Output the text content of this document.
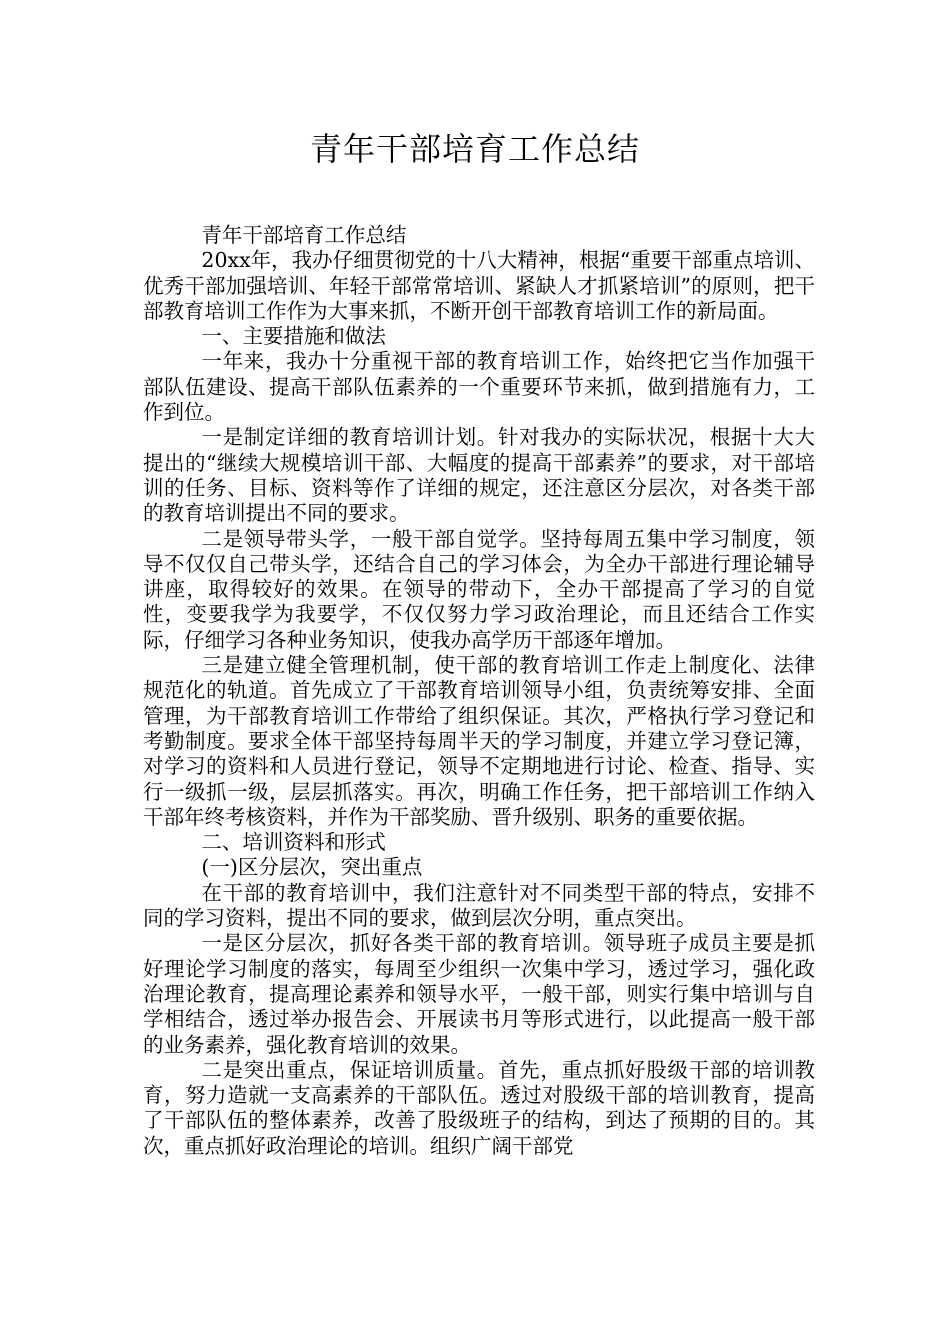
青年干部培育工作总结

青年干部培育工作总结

20xx年，我办仔细贯彻党的十八大精神，根据“重要干部重点培训、优秀干部加强培训、年轻干部常常培训、紧缺人才抓紧培训”的原则，把干部教育培训工作作为大事来抓，不断开创干部教育培训工作的新局面。

一、主要措施和做法

一年来，我办十分重视干部的教育培训工作，始终把它当作加强干部队伍建设、提高干部队伍素养的一个重要环节来抓，做到措施有力，工作到位。

一是制定详细的教育培训计划。针对我办的实际状况，根据十大大提出的“继续大规模培训干部、大幅度的提高干部素养”的要求，对干部培训的任务、目标、资料等作了详细的规定，还注意区分层次，对各类干部的教育培训提出不同的要求。

二是领导带头学，一般干部自觉学。坚持每周五集中学习制度，领导不仅仅自己带头学，还结合自己的学习体会，为全办干部进行理论辅导讲座，取得较好的效果。在领导的带动下，全办干部提高了学习的自觉性，变要我学为我要学，不仅仅努力学习政治理论，而且还结合工作实际，仔细学习各种业务知识，使我办高学历干部逐年增加。

三是建立健全管理机制，使干部的教育培训工作走上制度化、法律规范化的轨道。首先成立了干部教育培训领导小组，负责统筹安排、全面管理，为干部教育培训工作带给了组织保证。其次，严格执行学习登记和考勤制度。要求全体干部坚持每周半天的学习制度，并建立学习登记簿，对学习的资料和人员进行登记，领导不定期地进行讨论、检查、指导、实行一级抓一级，层层抓落实。再次，明确工作任务，把干部培训工作纳入干部年终考核资料，并作为干部奖励、晋升级别、职务的重要依据。

二、培训资料和形式

(一)区分层次，突出重点

在干部的教育培训中，我们注意针对不同类型干部的特点，安排不同的学习资料，提出不同的要求，做到层次分明，重点突出。

一是区分层次，抓好各类干部的教育培训。领导班子成员主要是抓好理论学习制度的落实，每周至少组织一次集中学习，透过学习，强化政治理论教育，提高理论素养和领导水平，一般干部，则实行集中培训与自学相结合，透过举办报告会、开展读书月等形式进行，以此提高一般干部的业务素养，强化教育培训的效果。

二是突出重点，保证培训质量。首先，重点抓好股级干部的培训教育，努力造就一支高素养的干部队伍。透过对股级干部的培训教育，提高了干部队伍的整体素养，改善了股级班子的结构，到达了预期的目的。其次，重点抓好政治理论的培训。组织广阔干部党
